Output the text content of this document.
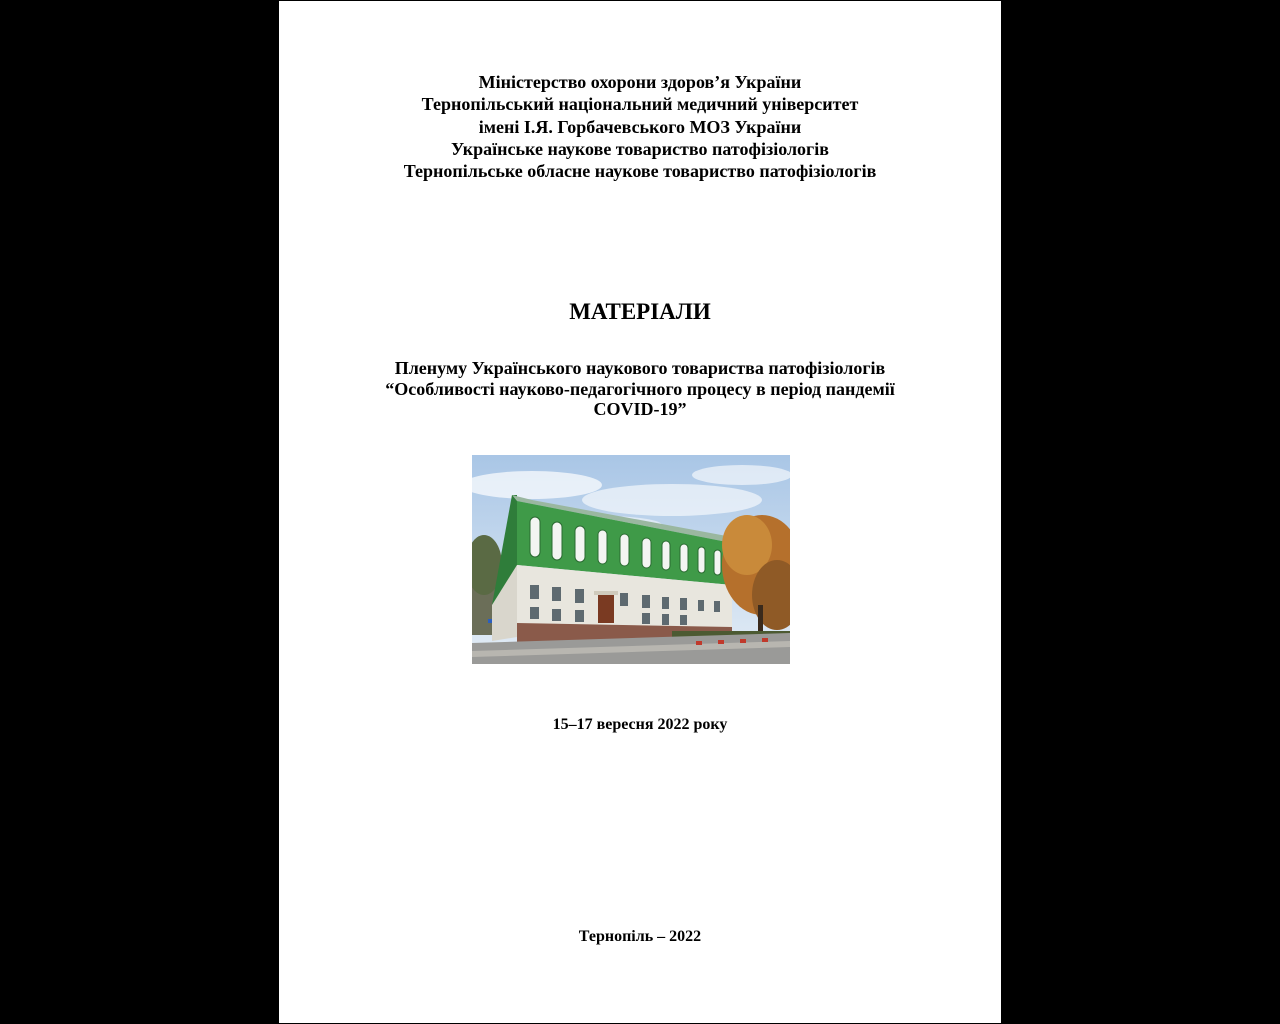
Міністерство охорони здоров’я України
Тернопільський національний медичний університет
імені І.Я. Горбачевського МОЗ України
Українське наукове товариство патофізіологів
Тернопільське обласне наукове товариство патофізіологів
МАТЕРІАЛИ
Пленуму Українського наукового товариства патофізіологів
“Особливості науково-педагогічного процесу в період пандемії
COVID-19”
15–17 вересня 2022 року
Тернопіль – 2022
